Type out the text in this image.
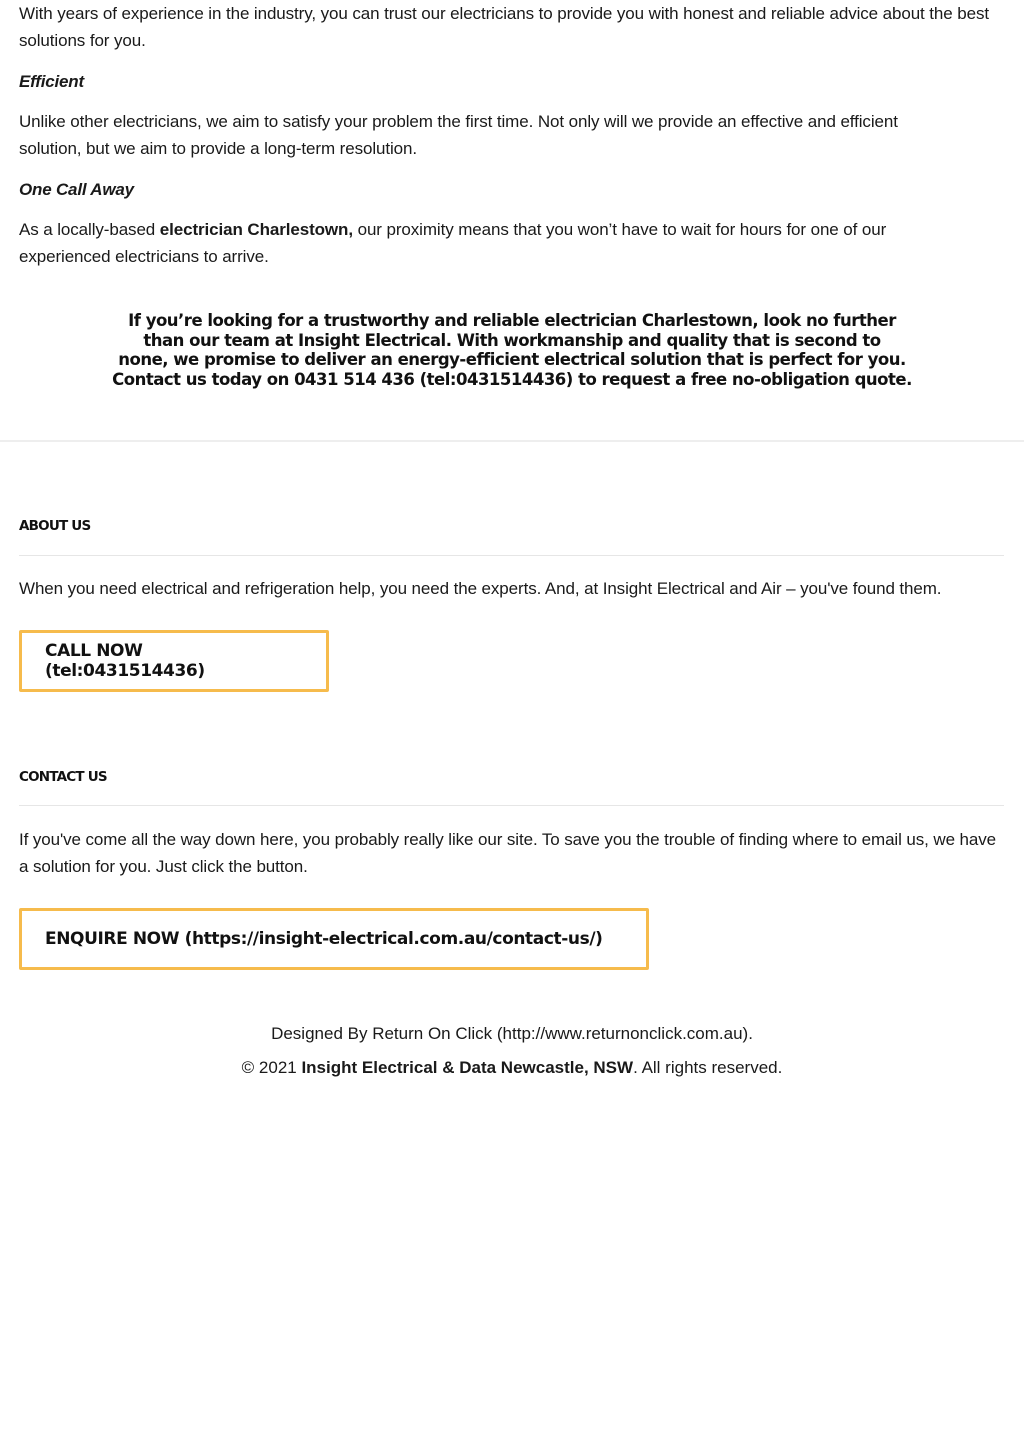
With years of experience in the industry, you can trust our electricians to provide you with honest and reliable advice about the best solutions for you.

Efficient

Unlike other electricians, we aim to satisfy your problem the first time. Not only will we provide an effective and efficient solution, but we aim to provide a long-term resolution.

One Call Away

As a locally-based electrician Charlestown, our proximity means that you won’t have to wait for hours for one of our experienced electricians to arrive.

If you’re looking for a trustworthy and reliable electrician Charlestown, look no further
than our team at Insight Electrical. With workmanship and quality that is second to
none, we promise to deliver an energy-efficient electrical solution that is perfect for you.
Contact us today on 0431 514 436 (tel:0431514436) to request a free no-obligation quote.
ABOUT US

When you need electrical and refrigeration help, you need the experts. And, at Insight Electrical and Air – you've found them.

CALL NOW (tel:0431514436)
CONTACT US

If you've come all the way down here, you probably really like our site. To save you the trouble of finding where to email us, we have a solution for you. Just click the button.

ENQUIRE NOW (https://insight-electrical.com.au/contact-us/)
Designed By Return On Click (http://www.returnonclick.com.au).
© 2021 Insight Electrical & Data Newcastle, NSW. All rights reserved.
